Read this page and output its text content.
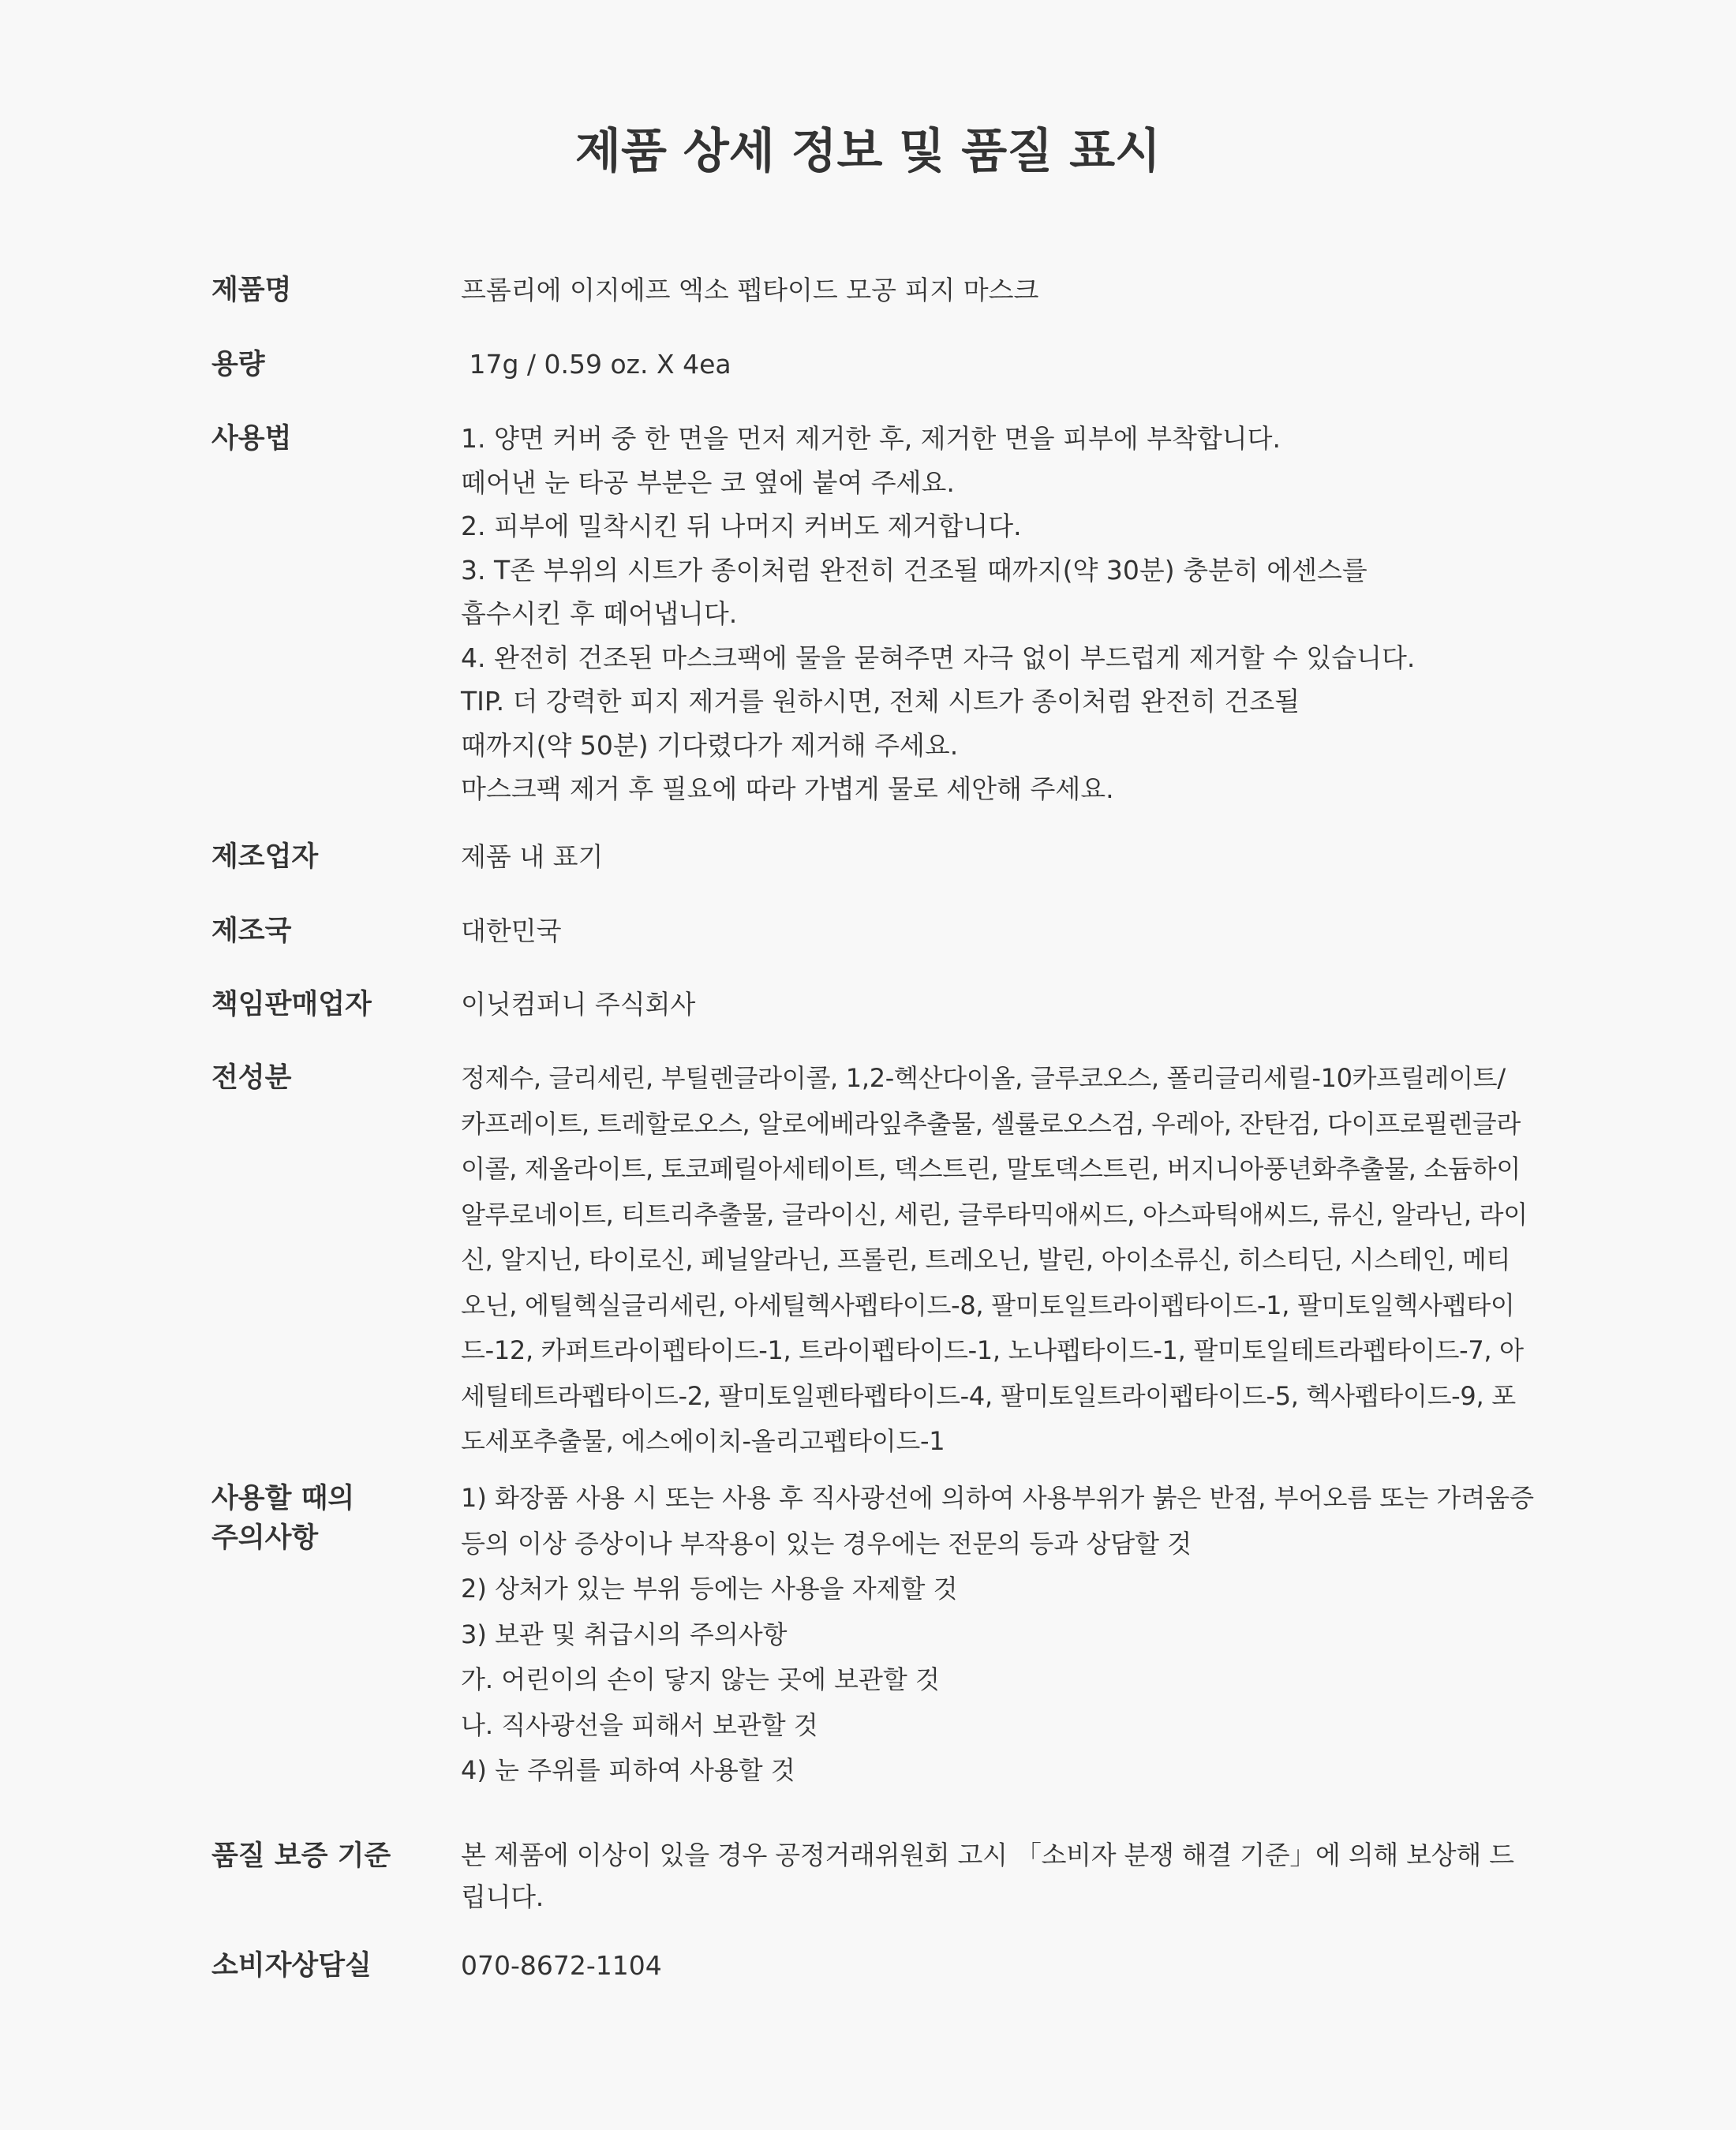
제품 상세 정보 및 품질 표시
제품명	프롬리에 이지에프 엑소 펩타이드 모공 피지 마스크
용량	17g / 0.59 oz. X 4ea
사용법	1. 양면 커버 중 한 면을 먼저 제거한 후, 제거한 면을 피부에 부착합니다.
떼어낸 눈 타공 부분은 코 옆에 붙여 주세요.
2. 피부에 밀착시킨 뒤 나머지 커버도 제거합니다.
3. T존 부위의 시트가 종이처럼 완전히 건조될 때까지(약 30분) 충분히 에센스를
흡수시킨 후 떼어냅니다.
4. 완전히 건조된 마스크팩에 물을 묻혀주면 자극 없이 부드럽게 제거할 수 있습니다.
TIP. 더 강력한 피지 제거를 원하시면, 전체 시트가 종이처럼 완전히 건조될
때까지(약 50분) 기다렸다가 제거해 주세요.
마스크팩 제거 후 필요에 따라 가볍게 물로 세안해 주세요.
제조업자	제품 내 표기
제조국	대한민국
책임판매업자	이닛컴퍼니 주식회사
전성분	정제수, 글리세린, 부틸렌글라이콜, 1,2-헥산다이올, 글루코오스, 폴리글리세릴-10카프릴레이트/카프레이트, 트레할로오스, 알로에베라잎추출물, 셀룰로오스검, 우레아, 잔탄검, 다이프로필렌글라이콜, 제올라이트, 토코페릴아세테이트, 덱스트린, 말토덱스트린, 버지니아풍년화추출물, 소듐하이알루로네이트, 티트리추출물, 글라이신, 세린, 글루타믹애씨드, 아스파틱애씨드, 류신, 알라닌, 라이신, 알지닌, 타이로신, 페닐알라닌, 프롤린, 트레오닌, 발린, 아이소류신, 히스티딘, 시스테인, 메티오닌, 에틸헥실글리세린, 아세틸헥사펩타이드-8, 팔미토일트라이펩타이드-1, 팔미토일헥사펩타이드-12, 카퍼트라이펩타이드-1, 트라이펩타이드-1, 노나펩타이드-1, 팔미토일테트라펩타이드-7, 아세틸테트라펩타이드-2, 팔미토일펜타펩타이드-4, 팔미토일트라이펩타이드-5, 헥사펩타이드-9, 포도세포추출물, 에스에이치-올리고펩타이드-1
사용할 때의
주의사항
1) 화장품 사용 시 또는 사용 후 직사광선에 의하여 사용부위가 붉은 반점, 부어오름 또는 가려움증
등의 이상 증상이나 부작용이 있는 경우에는 전문의 등과 상담할 것
2) 상처가 있는 부위 등에는 사용을 자제할 것
3) 보관 및 취급시의 주의사항
가. 어린이의 손이 닿지 않는 곳에 보관할 것
나. 직사광선을 피해서 보관할 것
4) 눈 주위를 피하여 사용할 것
품질 보증 기준	본 제품에 이상이 있을 경우 공정거래위원회 고시 「소비자 분쟁 해결 기준」에 의해 보상해 드립니다.
소비자상담실	070-8672-1104
